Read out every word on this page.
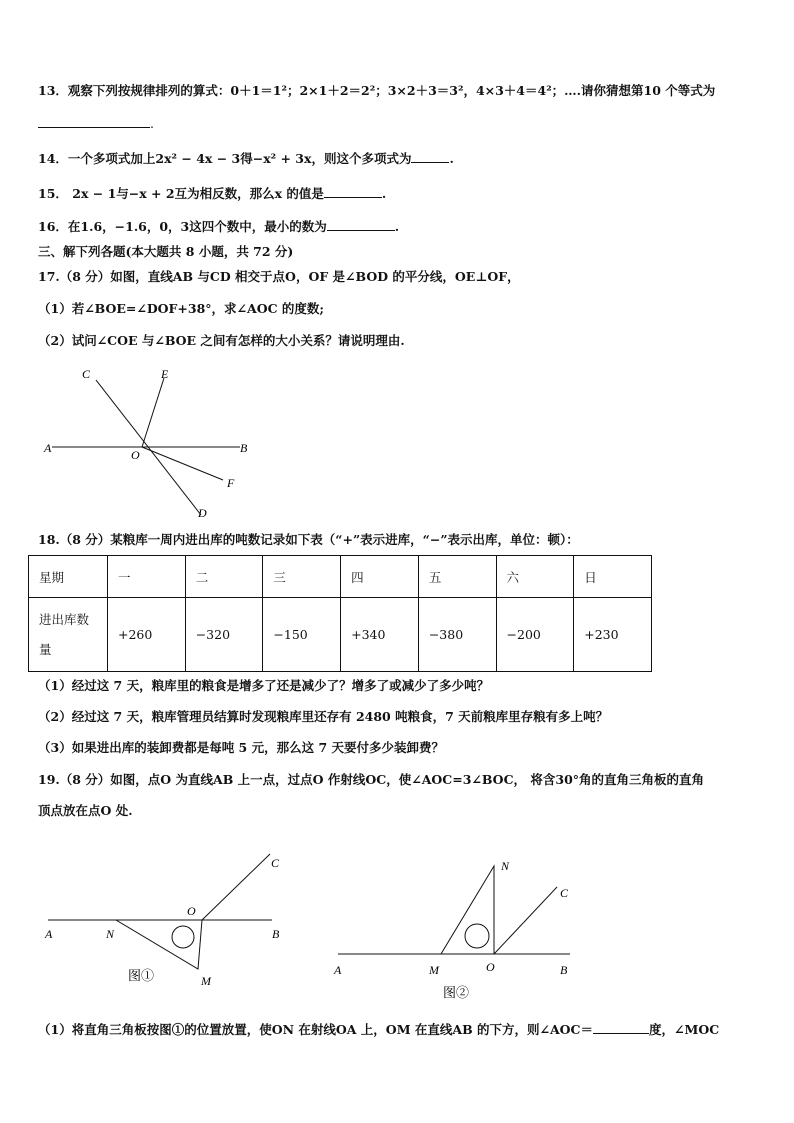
13．观察下列按规律排列的算式：0＋1＝1²；2×1＋2＝2²；3×2＋3＝3²，4×3＋4＝4²；….请你猜想第10 个等式为
.
14．一个多项式加上2x² − 4x − 3得−x² + 3x，则这个多项式为	.
15． 2x − 1与−x + 2互为相反数，那么x 的值是	.
16．在1.6，−1.6，0，3这四个数中，最小的数为	.
三、解下列各题(本大题共 8 小题，共 72 分)
17.（8 分）如图，直线AB 与CD 相交于点O，OF 是∠BOD 的平分线，OE⊥OF，
（1）若∠BOE=∠DOF+38°，求∠AOC 的度数;
（2）试问∠COE 与∠BOE 之间有怎样的大小关系？请说明理由.
C	E
A	O	B
F
D
18.（8 分）某粮库一周内进出库的吨数记录如下表（“+”表示进库，“−”表示出库，单位：顿）：
星期	一	二	三	四	五	六	日
进出库数
量	+260	−320	−150	+340	−380	−200	+230
（1）经过这 7 天，粮库里的粮食是增多了还是减少了？增多了或减少了多少吨？
（2）经过这 7 天，粮库管理员结算时发现粮库里还存有 2480 吨粮食，7 天前粮库里存粮有多上吨？
（3）如果进出库的装卸费都是每吨 5 元，那么这 7 天要付多少装卸费？
19.（8 分）如图，点O 为直线AB 上一点，过点O 作射线OC，使∠AOC=3∠BOC， 将含30°角的直角三角板的直角
顶点放在点O 处.
A	N
O
B
C
M
图①	A	M	O	B
C
N
图②
（1）将直角三角板按图①的位置放置，使ON 在射线OA 上，OM 在直线AB 的下方，则∠AOC＝	度，∠MOC
